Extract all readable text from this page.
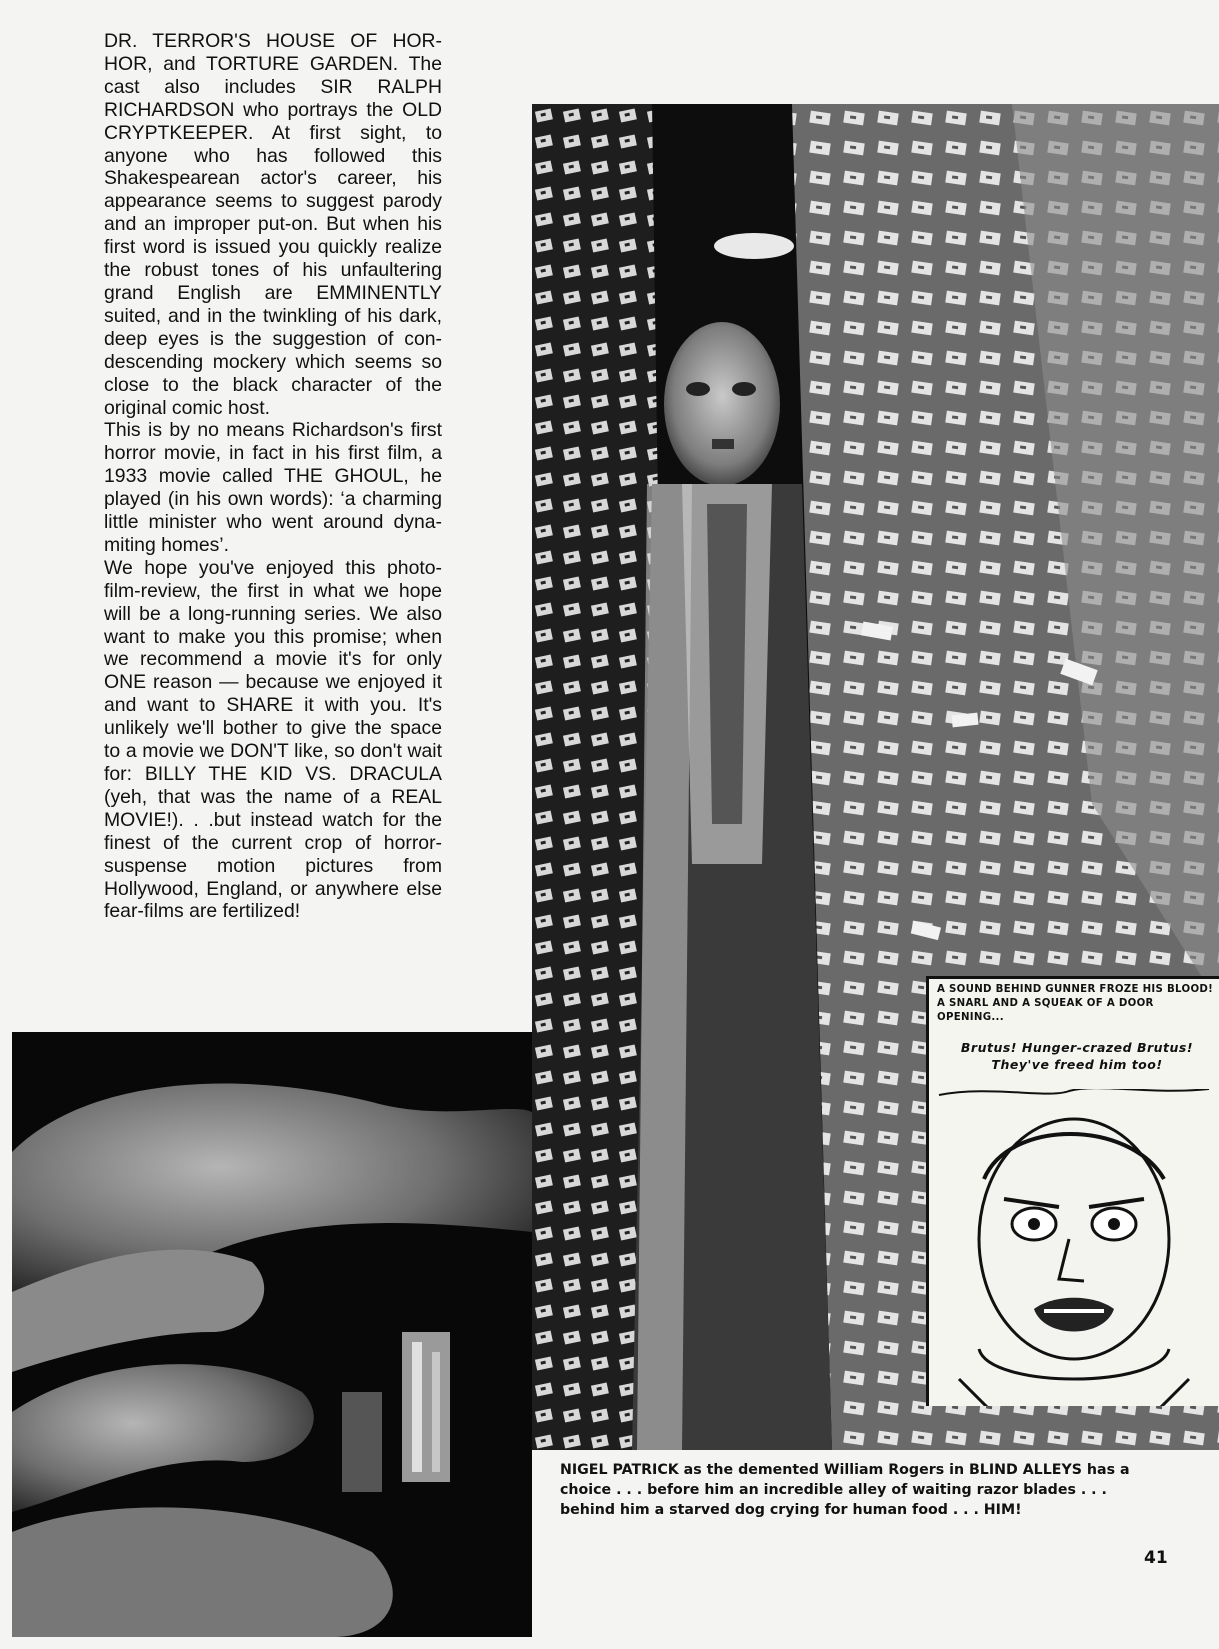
DR. TERROR'S HOUSE OF HOR-HOR, and TORTURE GARDEN. The cast also includes SIR RALPH RICHARDSON who portrays the OLD CRYPTKEEPER. At first sight, to anyone who has followed this Shakespearean actor's career, his appearance seems to suggest parody and an improper put-on. But when his first word is issued you quickly realize the robust tones of his unfaultering grand English are EMMINENTLY suited, and in the twinkling of his dark, deep eyes is the suggestion of con-descending mockery which seems so close to the black character of the original comic host.

This is by no means Richardson's first horror movie, in fact in his first film, a 1933 movie called THE GHOUL, he played (in his own words): ‘a charming little minister who went around dyna-miting homes’.

We hope you've enjoyed this photo-film-review, the first in what we hope will be a long-running series. We also want to make you this promise; when we recommend a movie it's for only ONE reason — because we enjoyed it and want to SHARE it with you. It's unlikely we'll bother to give the space to a movie we DON'T like, so don't wait for: BILLY THE KID VS. DRACULA (yeh, that was the name of a REAL MOVIE!). . .but instead watch for the finest of the current crop of horror-suspense motion pictures from Hollywood, England, or anywhere else fear-films are fertilized!

A SOUND BEHIND GUNNER FROZE HIS BLOOD! A SNARL AND A SQUEAK OF A DOOR OPENING...
Brutus! Hunger-crazed Brutus! They've freed him too!
NIGEL PATRICK as the demented William Rogers in BLIND ALLEYS has a choice . . . before him an incredible alley of waiting razor blades . . . behind him a starved dog crying for human food . . . HIM!
41
